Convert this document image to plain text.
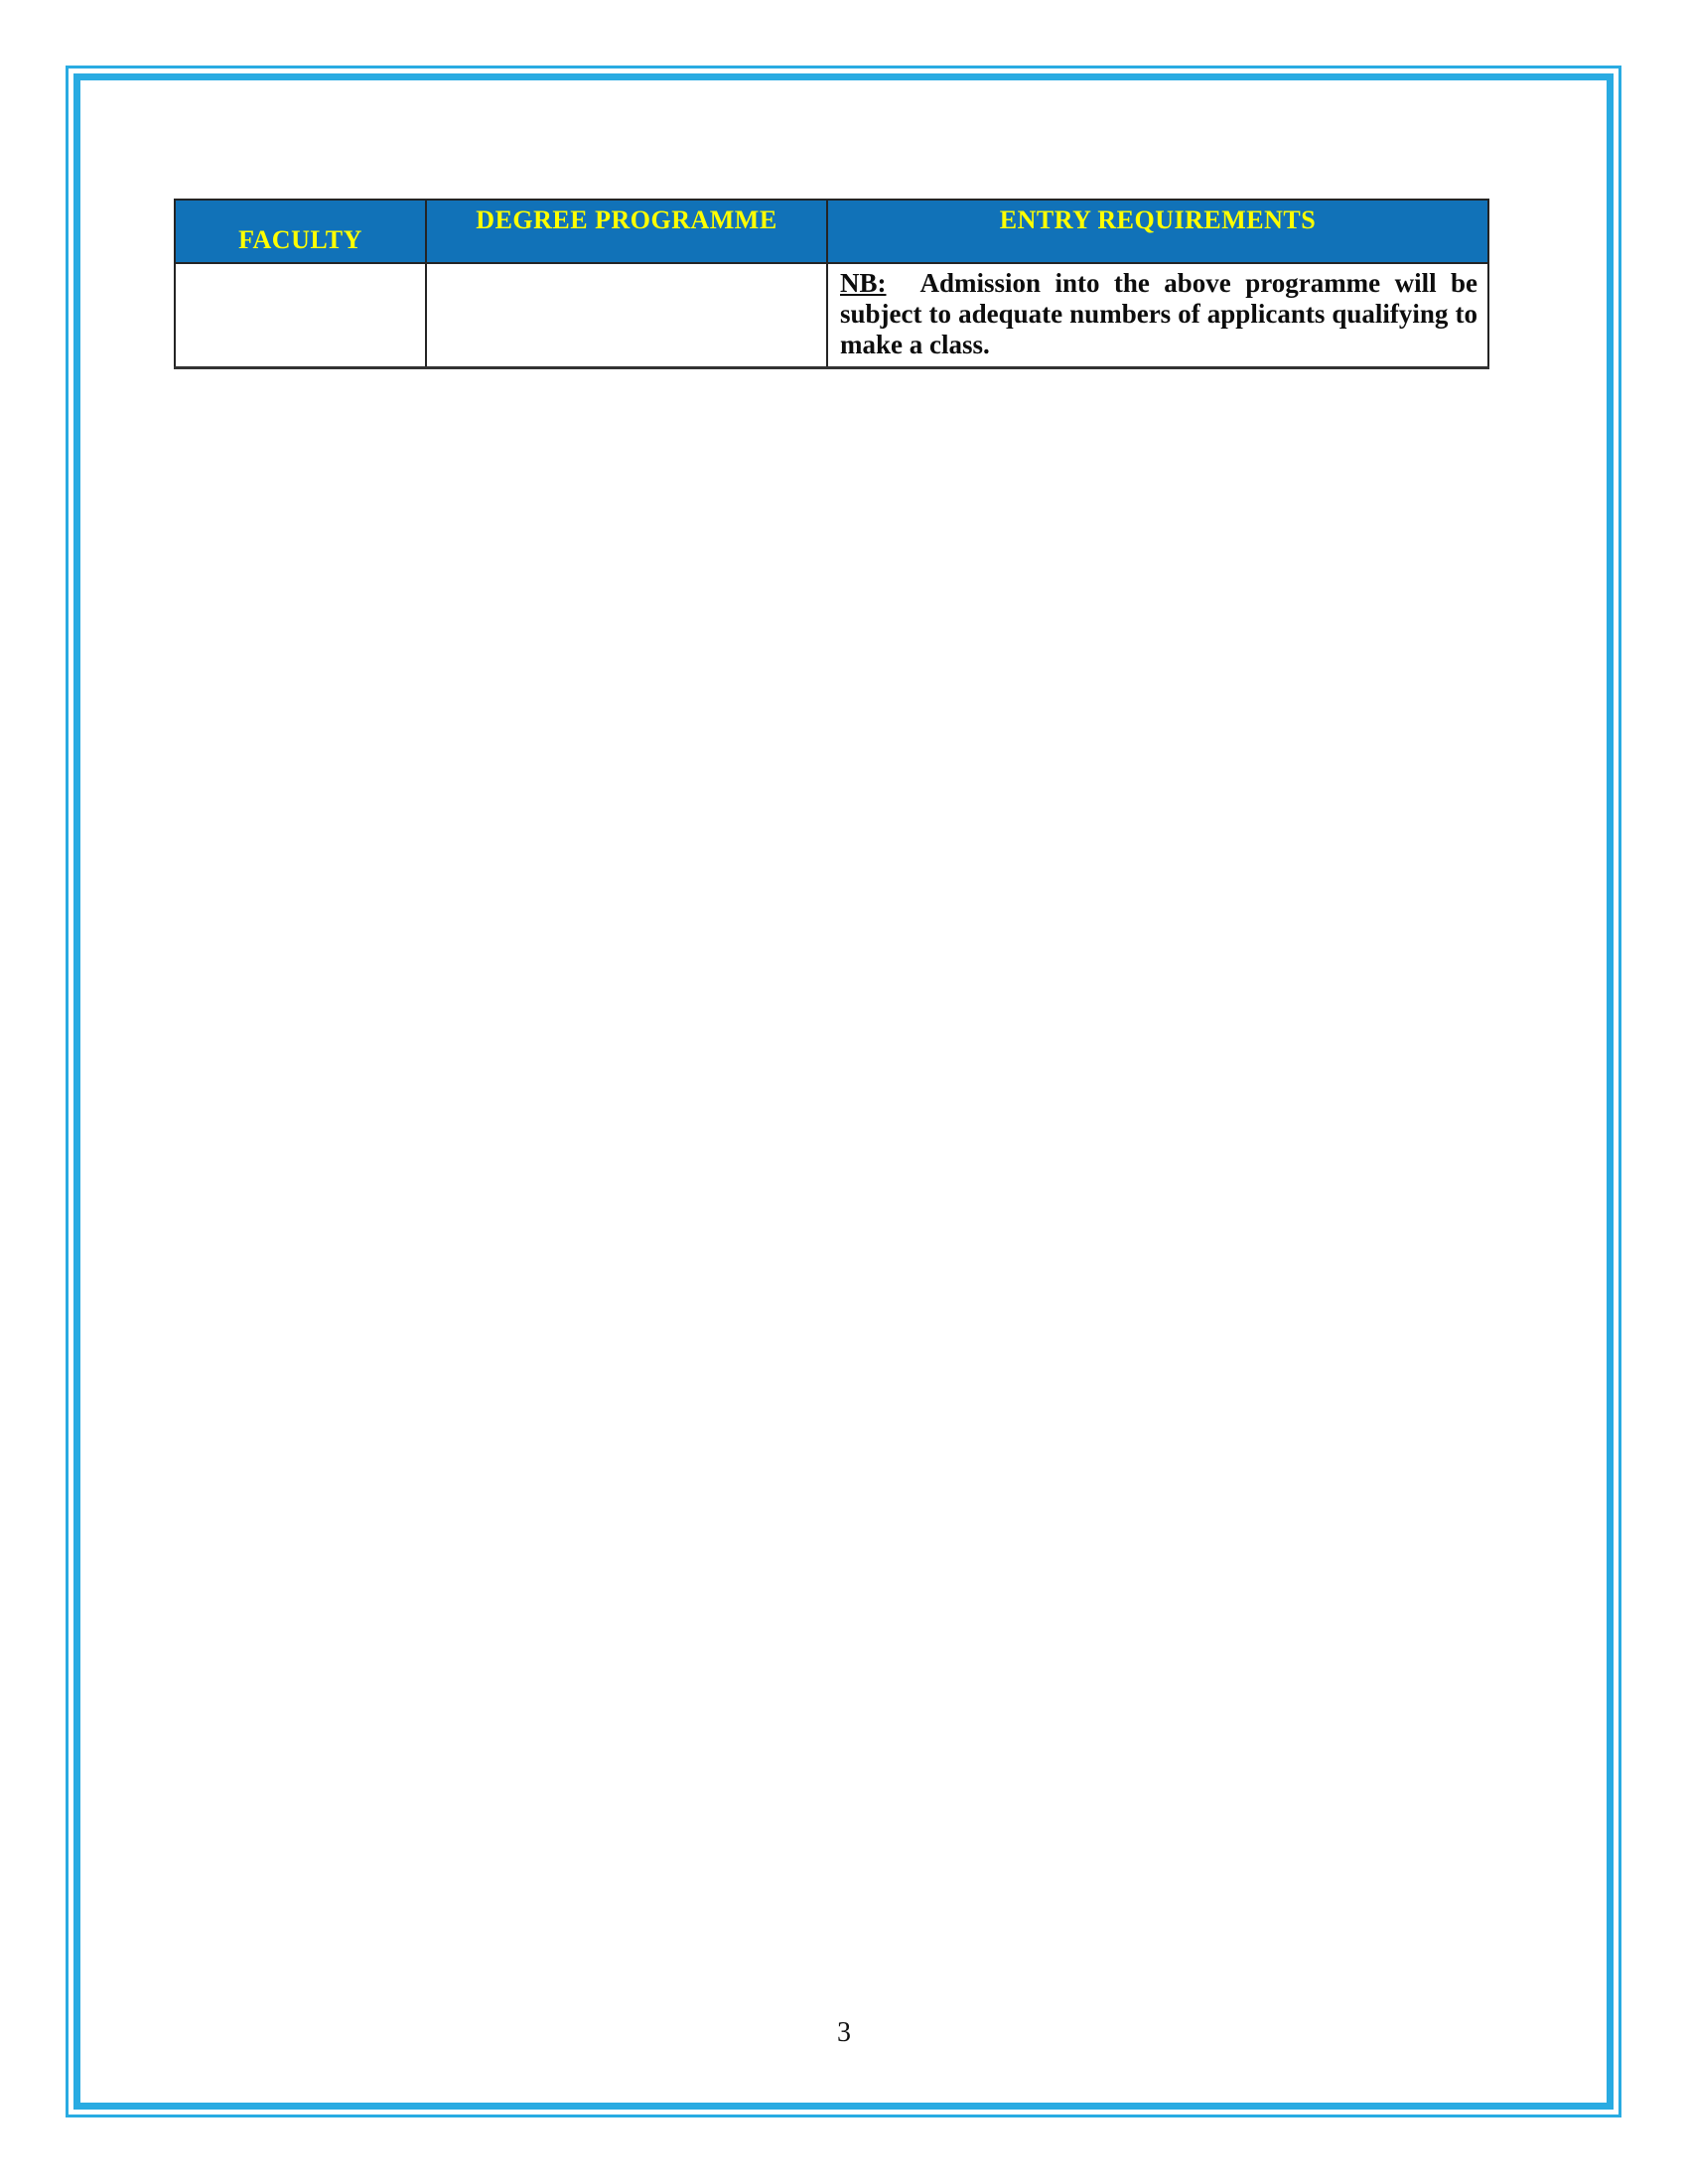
FACULTY	DEGREE PROGRAMME	ENTRY REQUIREMENTS
		NB: Admission into the above programme will be subject to adequate numbers of applicants qualifying to make a class.
3
